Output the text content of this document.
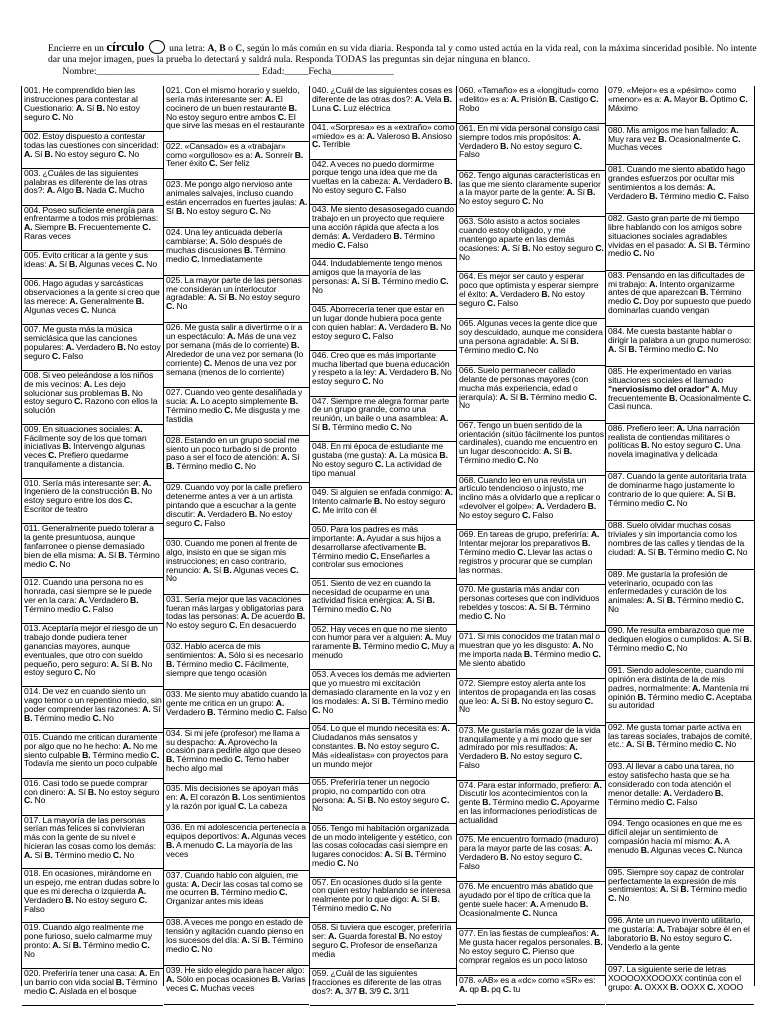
Encierre en un círculo  una letra: A, B o C, según lo más común en su vida diaria. Responda tal y como usted actúa en la vida real, con la máxima sinceridad posible. No intente dar una mejor imagen, pues la prueba lo detectará y saldrá nula. Responda TODAS las preguntas sin dejar ninguna en blanco.
Nombre:__________________________________ Edad:_____Fecha_____________
001. He comprendido bien las instrucciones para contestar al Cuestionario: A. Sí B. No estoy seguro C. No
002. Estoy dispuesto a contestar todas las cuestiones con sinceridad: A. Sí B. No estoy seguro C. No
003. ¿Cuáles de las siguientes palabras es diferente de las otras dos?: A. Algo B. Nada C. Mucho
004. Poseo suficiente energía para enfrentarme a todos mis problemas: A. Siempre B. Frecuentemente C. Raras veces
005. Evito criticar a la gente y sus ideas: A. Sí B. Algunas veces C. No
006. Hago agudas y sarcásticas observaciones a la gente si creo que las merece: A. Generalmente B. Algunas veces C. Nunca
007. Me gusta más la música semiclásica que las canciones populares: A. Verdadero B. No estoy seguro C. Falso
008. Si veo peleándose a los niños de mis vecinos: A. Les dejo solucionar sus problemas B. No estoy seguro C. Razono con ellos la solución
009. En situaciones sociales: A. Fácilmente soy de los que toman iniciativas B. Intervengo algunas veces C. Prefiero quedarme tranquilamente a distancia.
010. Sería más interesante ser: A. Ingeniero de la construcción B. No estoy seguro entre los dos C. Escritor de teatro
011. Generalmente puedo tolerar a la gente presuntuosa, aunque fanfarronee o piense demasiado bien de ella misma: A. Sí B. Término medio C. No
012. Cuando una persona no es honrada, casi siempre se le puede ver en la cara: A. Verdadero B. Término medio C. Falso
013. Aceptaría mejor el riesgo de un trabajo donde pudiera tener ganancias mayores, aunque eventuales, que otro con sueldo pequeño, pero seguro: A. Sí B. No estoy seguro C. No
014. De vez en cuando siento un vago temor o un repentino miedo, sin poder comprender las razones: A. Sí B. Término medio C. No
015. Cuando me critican duramente por algo que no he hecho: A. No me siento culpable B. Término medio C. Todavía me siento un poco culpable
016. Casi todo se puede comprar con dinero: A. Sí B. No estoy seguro C. No
017. La mayoría de las personas serían más felices si convivieran más con la gente de su nivel e hicieran las cosas como los demás: A. Sí B. Término medio C. No
018. En ocasiones, mirándome en un espejo, me entran dudas sobre lo que es mi derecha o izquierda A. Verdadero B. No estoy seguro C. Falso
019. Cuando algo realmente me pone furioso, suelo calmarme muy pronto: A. Sí B. Término medio C. No
020. Preferiría tener una casa: A. En un barrio con vida social B. Término medio C. Aislada en el bosque
021. Con el mismo horario y sueldo, sería más interesante ser: A. El cocinero de un buen restaurante B. No estoy seguro entre ambos C. El que sirve las mesas en el restaurante
022. «Cansado» es a «trabajar» como «orgulloso» es a: A. Sonreír B. Tener éxito C. Ser feliz
023. Me pongo algo nervioso ante animales salvajes, incluso cuando están encerrados en fuertes jaulas: A. Sí B. No estoy seguro C. No
024. Una ley anticuada debería cambiarse: A. Sólo después de muchas discusiones B. Término medio C. Inmediatamente
025. La mayor parte de las personas me consideran un interlocutor agradable: A. Sí B. No estoy seguro C. No
026. Me gusta salir a divertirme o ir a un espectáculo: A. Más de una vez por semana (más de lo corriente) B. Alrededor de una vez por semana (lo corriente) C. Menos de una vez por semana (menos de lo corriente)
027. Cuando veo gente desaliñada y sucia: A. Lo acepto simplemente B. Término medio C. Me disgusta y me fastidia
028. Estando en un grupo social me siento un poco turbado si de pronto paso a ser el foco de atención: A. Sí B. Término medio C. No
029. Cuando voy por la calle prefiero detenerme antes a ver a un artista pintando que a escuchar a la gente discutir: A. Verdadero B. No estoy seguro C. Falso
030. Cuando me ponen al frente de algo, insisto en que se sigan mis instrucciones; en caso contrario, renuncio: A. Sí B. Algunas veces C. No
031. Sería mejor que las vacaciones fueran más largas y obligatorias para todas las personas: A. De acuerdo B. No estoy seguro C. En desacuerdo
032. Hablo acerca de mis sentimientos: A. Sólo si es necesario B. Término medio C. Fácilmente, siempre que tengo ocasión
033. Me siento muy abatido cuando la gente me critica en un grupo: A. Verdadero B. Término medio C. Falso
034. Si mi jefe (profesor) me llama a su despacho: A. Aprovecho la ocasión para pedirle algo que deseo B. Término medio C. Temo haber hecho algo mal
035. Mis decisiones se apoyan más en: A. El corazón B. Los sentimientos y la razón por igual C. La cabeza
036. En mi adolescencia pertenecía a equipos deportivos: A. Algunas veces B. A menudo C. La mayoría de las veces
037. Cuando hablo con alguien, me gusta: A. Decir las cosas tal como se me ocurren B. Término medio C. Organizar antes mis ideas
038. A veces me pongo en estado de tensión y agitación cuando pienso en los sucesos del día: A. Sí B. Término medio C. No
039. He sido elegido para hacer algo: A. Sólo en pocas ocasiones B. Varias veces C. Muchas veces
040. ¿Cuál de las siguientes cosas es diferente de las otras dos?: A. Vela B. Luna C. Luz eléctrica
041. «Sorpresa» es a «extraño» como «miedo» es a: A. Valeroso B. Ansioso C. Terrible
042. A veces no puedo dormirme porque tengo una idea que me da vueltas en la cabeza: A. Verdadero B. No estoy seguro C. Falso
043. Me siento desasosegado cuando trabajo en un proyecto que requiere una acción rápida que afecta a los demás: A. Verdadero B. Término medio C. Falso
044. Indudablemente tengo menos amigos que la mayoría de las personas: A. Sí B. Término medio C. No
045. Aborrecería tener que estar en un lugar donde hubiera poca gente con quien hablar: A. Verdadero B. No estoy seguro C. Falso
046. Creo que es más importante mucha libertad que buena educación y respeto a la ley: A. Verdadero B. No estoy seguro C. No
047. Siempre me alegra formar parte de un grupo grande, como una reunión, un baile o una asamblea: A. Sí B. Término medio C. No
048. En mi época de estudiante me gustaba (me gusta): A. La música B. No estoy seguro C. La actividad de tipo manual
049. Si alguien se enfada conmigo: A. Intento calmarle B. No estoy seguro C. Me irrito con él
050. Para los padres es más importante: A. Ayudar a sus hijos a desarrollarse afectivamente B. Término medio C. Enseñarles a controlar sus emociones
051. Siento de vez en cuando la necesidad de ocuparme en una actividad física enérgica: A. Sí B. Término medio C. No
052. Hay veces en que no me siento con humor para ver a alguien: A. Muy raramente B. Término medio C. Muy a menudo
053. A veces los demás me advierten que yo muestro mi excitación demasiado claramente en la voz y en los modales: A. Sí B. Término medio C. No
054. Lo que el mundo necesita es: A. Ciudadanos más sensatos y constantes. B. No estoy seguro C. Más «idealistas» con proyectos para un mundo mejor
055. Preferiría tener un negocio propio, no compartido con otra persona: A. Sí B. No estoy seguro C. No
056. Tengo mi habitación organizada de un modo inteligente y estético, con las cosas colocadas casi siempre en lugares conocidos: A. Sí B. Término medio C. No
057. En ocasiones dudo si la gente con quien estoy hablando se interesa realmente por lo que digo: A. Sí B. Término medio C. No
058. Si tuviera que escoger, preferiría ser: A. Guarda forestal B. No estoy seguro C. Profesor de enseñanza media
059. ¿Cuál de las siguientes fracciones es diferente de las otras dos?: A. 3/7 B. 3/9 C. 3/11
060. «Tamaño» es a «longitud» como «delito» es a: A. Prisión B. Castigo C. Robo
061. En mi vida personal consigo casi siempre todos mis propósitos: A. Verdadero B. No estoy seguro C. Falso
062. Tengo algunas características en las que me siento claramente superior a la mayor parte de la gente: A. Sí B. No estoy seguro C. No
063. Sólo asisto a actos sociales cuando estoy obligado, y me mantengo aparte en las demás ocasiones: A. Sí B. No estoy seguro C. No
064. Es mejor ser cauto y esperar poco que optimista y esperar siempre el éxito: A. Verdadero B. No estoy seguro C. Falso
065. Algunas veces la gente dice que soy descuidado, aunque me considera una persona agradable: A. Sí B. Término medio C. No
066. Suelo permanecer callado delante de personas mayores (con mucha más experiencia, edad o jerarquía): A. Sí B. Término medio C. No
067. Tengo un buen sentido de la orientación (sitúo fácilmente los puntos cardinales), cuando me encuentro en un lugar desconocido: A. Sí B. Término medio C. No
068. Cuando leo en una revista un artículo tendencioso o injusto, me inclino más a olvidarlo que a replicar o «devolver el golpe»: A. Verdadero B. No estoy seguro C. Falso
069. En tareas de grupo, preferiría: A. Intentar mejorar los preparativos B. Término medio C. Llevar las actas o registros y procurar que se cumplan las normas.
070. Me gustaría más andar con personas corteses que con individuos rebeldes y toscos: A. Sí B. Término medio C. No
071. Si mis conocidos me tratan mal o muestran que yo les disgusto: A. No me importa nada B. Término medio C. Me siento abatido
072. Siempre estoy alerta ante los intentos de propaganda en las cosas que leo: A. Sí B. No estoy seguro C. No
073. Me gustaría más gozar de la vida tranquilamente y a mi modo que ser admirado por mis resultados: A. Verdadero B. No estoy seguro C. Falso
074. Para estar informado, prefiero: A. Discutir los acontecimientos con la gente B. Término medio C. Apoyarme en las informaciones periodísticas de actualidad
075. Me encuentro formado (maduro) para la mayor parte de las cosas: A. Verdadero B. No estoy seguro C. Falso
076. Me encuentro más abatido que ayudado por el tipo de crítica que la gente suele hacer: A. A menudo B. Ocasionalmente C. Nunca
077. En las fiestas de cumpleaños: A. Me gusta hacer regalos personales. B. No estoy seguro C. Pienso que comprar regalos es un poco latoso
078. «AB» es a «dc» como «SR» es: A. qp B. pq C. tu
079. «Mejor» es a «pésimo» como «menor» es a: A. Mayor B. Óptimo C. Máximo
080. Mis amigos me han fallado: A. Muy rara vez B. Ocasionalmente C. Muchas veces
081. Cuando me siento abatido hago grandes esfuerzos por ocultar mis sentimientos a los demás: A. Verdadero B. Término medio C. Falso
082. Gasto gran parte de mi tiempo libre hablando con los amigos sobre situaciones sociales agradables vividas en el pasado: A. Sí B. Término medio C. No
083. Pensando en las dificultades de mi trabajo: A. Intento organizarme antes de que aparezcan B. Término medio C. Doy por supuesto que puedo dominarlas cuando vengan
084. Me cuesta bastante hablar o dirigir la palabra a un grupo numeroso: A. Sí B. Término medio C. No
085. He experimentado en varias situaciones sociales el llamado "nerviosismo del orador" A. Muy frecuentemente B. Ocasionalmente C. Casi nunca.
086. Prefiero leer: A. Una narración realista de contiendas militares o políticas B. No estoy seguro C. Una novela imaginativa y delicada
087. Cuando la gente autoritaria trata de dominarme hago justamente lo contrario de lo que quiere: A. Sí B. Término medio C. No
088. Suelo olvidar muchas cosas triviales y sin importancia como los nombres de las calles y tiendas de la ciudad: A. Sí B. Término medio C. No
089. Me gustaría la profesión de veterinario, ocupado con las enfermedades y curación de los animales: A. Sí B. Término medio C. No
090. Me resulta embarazoso que me dediquen elogios o cumplidos: A. Sí B. Término medio C. No
091. Siendo adolescente, cuando mi opinión era distinta de la de mis padres, normalmente: A. Mantenía mi opinión B. Término medio C. Aceptaba su autoridad
092. Me gusta tomar parte activa en las tareas sociales, trabajos de comité, etc.: A. Sí B. Término medio C. No
093. Al llevar a cabo una tarea, no estoy satisfecho hasta que se ha considerado con toda atención el menor detalle: A. Verdadero B. Término medio C. Falso
094. Tengo ocasiones en que me es difícil alejar un sentimiento de compasión hacia mí mismo: A. A menudo B. Algunas veces C. Nunca
095. Siempre soy capaz de controlar perfectamente la expresión de mis sentimientos: A. Sí B. Término medio C. No
096. Ante un nuevo invento utilitario, me gustaría: A. Trabajar sobre él en el laboratorio B. No estoy seguro C. Venderlo a la gente
097. La siguiente serie de letras XOOOOXXOOOXX continúa con el grupo: A. OXXX B. OOXX C. XOOO
